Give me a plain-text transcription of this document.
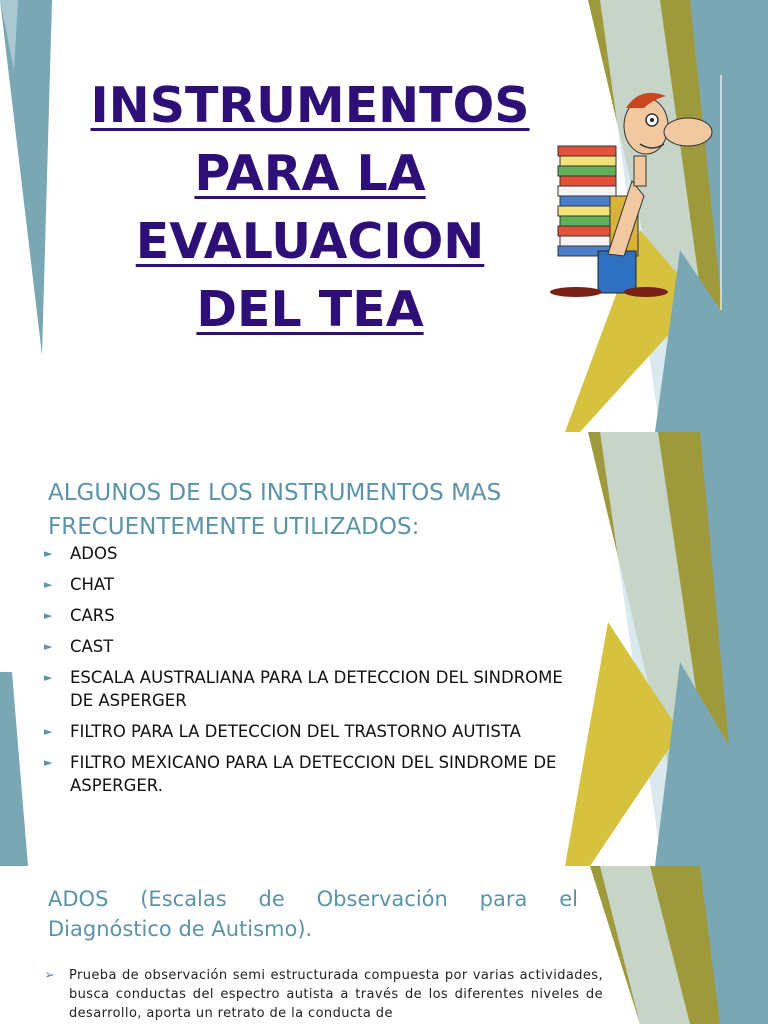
INSTRUMENTOS
PARA LA
EVALUACION
DEL TEA
ALGUNOS DE LOS INSTRUMENTOS MAS FRECUENTEMENTE UTILIZADOS:
► ADOS
► CHAT
► CARS
► CAST
► ESCALA AUSTRALIANA PARA LA DETECCION DEL SINDROME DE ASPERGER
► FILTRO PARA LA DETECCION DEL TRASTORNO AUTISTA
► FILTRO MEXICANO PARA LA DETECCION DEL SINDROME DE ASPERGER.
ADOS (Escalas de Observación para el Diagnóstico de Autismo).
➢ Prueba de observación semi estructurada compuesta por varias actividades, busca conductas del espectro autista a través de los diferentes niveles de desarrollo, aporta un retrato de la conducta de
